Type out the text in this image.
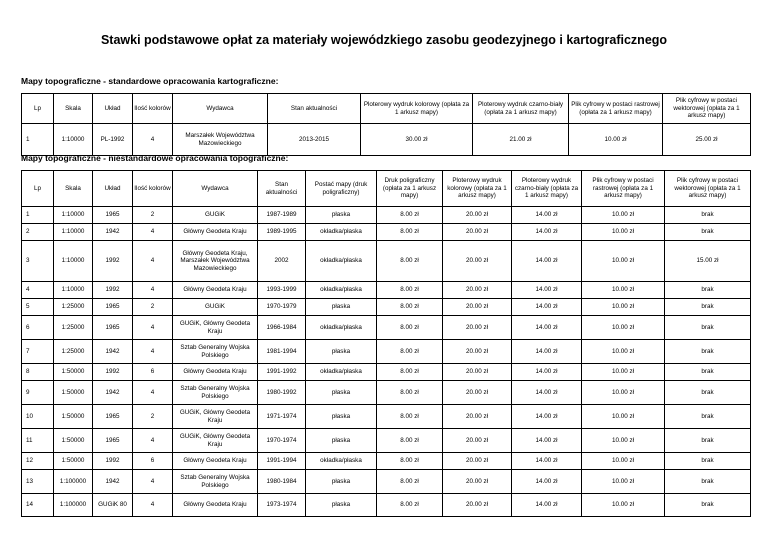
Stawki podstawowe opłat za materiały wojewódzkiego zasobu geodezyjnego i kartograficznego
Mapy topograficzne - standardowe opracowania kartograficzne:
Lp	Skala	Układ	Ilość kolorów	Wydawca	Stan aktualności	Ploterowy wydruk kolorowy (opłata za 1 arkusz mapy)	Ploterowy wydruk czarno-biały (opłata za 1 arkusz mapy)	Plik cyfrowy w postaci rastrowej (opłata za 1 arkusz mapy)	Plik cyfrowy w postaci wektorowej (opłata za 1 arkusz mapy)
1	1:10000	PL-1992	4	Marszałek Województwa Mazowieckiego	2013-2015	30.00 zł	21.00 zł	10.00 zł	25.00 zł
Mapy topograficzne - niestandardowe opracowania topograficzne:
Lp	Skala	Układ	Ilość kolorów	Wydawca	Stan aktualności	Postać mapy (druk poligraficzny)	Druk poligraficzny (opłata za 1 arkusz mapy)	Ploterowy wydruk kolorowy (opłata za 1 arkusz mapy)	Ploterowy wydruk czarno-biały (opłata za 1 arkusz mapy)	Plik cyfrowy w postaci rastrowej (opłata za 1 arkusz mapy)	Plik cyfrowy w postaci wektorowej (opłata za 1 arkusz mapy)
1	1:10000	1965	2	GUGiK	1987-1989	płaska	8.00 zł	20.00 zł	14.00 zł	10.00 zł	brak
2	1:10000	1942	4	Główny Geodeta Kraju	1989-1995	okładka/płaska	8.00 zł	20.00 zł	14.00 zł	10.00 zł	brak
3	1:10000	1992	4	Główny Geodeta Kraju, Marszałek Województwa Mazowieckiego	2002	okładka/płaska	8.00 zł	20.00 zł	14.00 zł	10.00 zł	15.00 zł
4	1:10000	1992	4	Główny Geodeta Kraju	1993-1999	okładka/płaska	8.00 zł	20.00 zł	14.00 zł	10.00 zł	brak
5	1:25000	1965	2	GUGiK	1970-1979	płaska	8.00 zł	20.00 zł	14.00 zł	10.00 zł	brak
6	1:25000	1965	4	GUGiK, Główny Geodeta Kraju	1966-1984	okładka/płaska	8.00 zł	20.00 zł	14.00 zł	10.00 zł	brak
7	1:25000	1942	4	Sztab Generalny Wojska Polskiego	1981-1994	płaska	8.00 zł	20.00 zł	14.00 zł	10.00 zł	brak
8	1:50000	1992	6	Główny Geodeta Kraju	1991-1992	okładka/płaska	8.00 zł	20.00 zł	14.00 zł	10.00 zł	brak
9	1:50000	1942	4	Sztab Generalny Wojska Polskiego	1980-1992	płaska	8.00 zł	20.00 zł	14.00 zł	10.00 zł	brak
10	1:50000	1965	2	GUGiK, Główny Geodeta Kraju	1971-1974	płaska	8.00 zł	20.00 zł	14.00 zł	10.00 zł	brak
11	1:50000	1965	4	GUGiK, Główny Geodeta Kraju	1970-1974	płaska	8.00 zł	20.00 zł	14.00 zł	10.00 zł	brak
12	1:50000	1992	6	Główny Geodeta Kraju	1991-1994	okładka/płaska	8.00 zł	20.00 zł	14.00 zł	10.00 zł	brak
13	1:100000	1942	4	Sztab Generalny Wojska Polskiego	1980-1984	płaska	8.00 zł	20.00 zł	14.00 zł	10.00 zł	brak
14	1:100000	GUGiK 80	4	Główny Geodeta Kraju	1973-1974	płaska	8.00 zł	20.00 zł	14.00 zł	10.00 zł	brak
